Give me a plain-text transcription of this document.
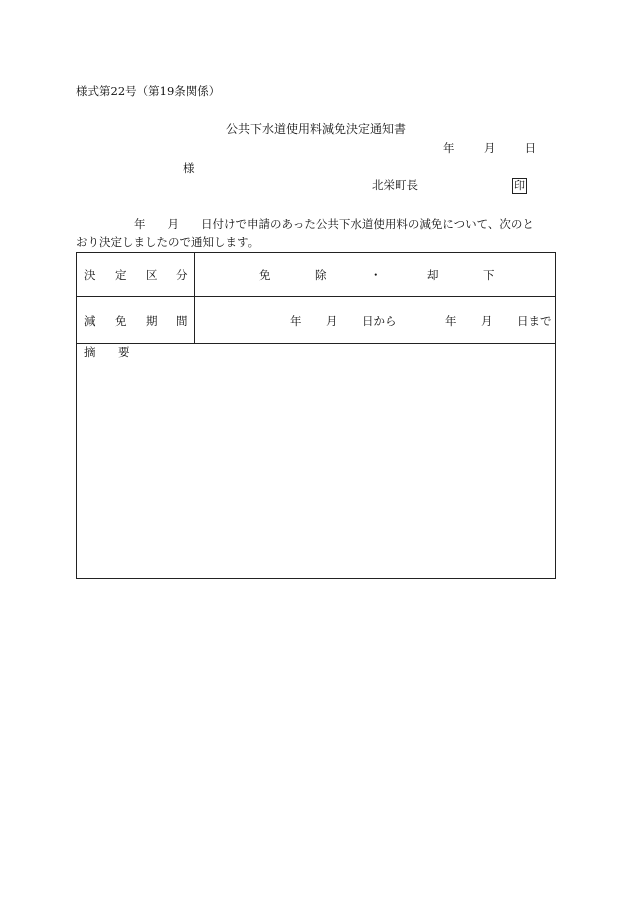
様式第22号（第19条関係）
公共下水道使用料減免決定通知書
年	月	日
様
北栄町長	印
年 月 日付けで申請のあった公共下水道使用料の減免について、次のと
おり決定しましたので通知します。
決 定 区 分	免	除	・	却	下
減 免 期 間	年 月 日から	年 月 日まで
摘 要
